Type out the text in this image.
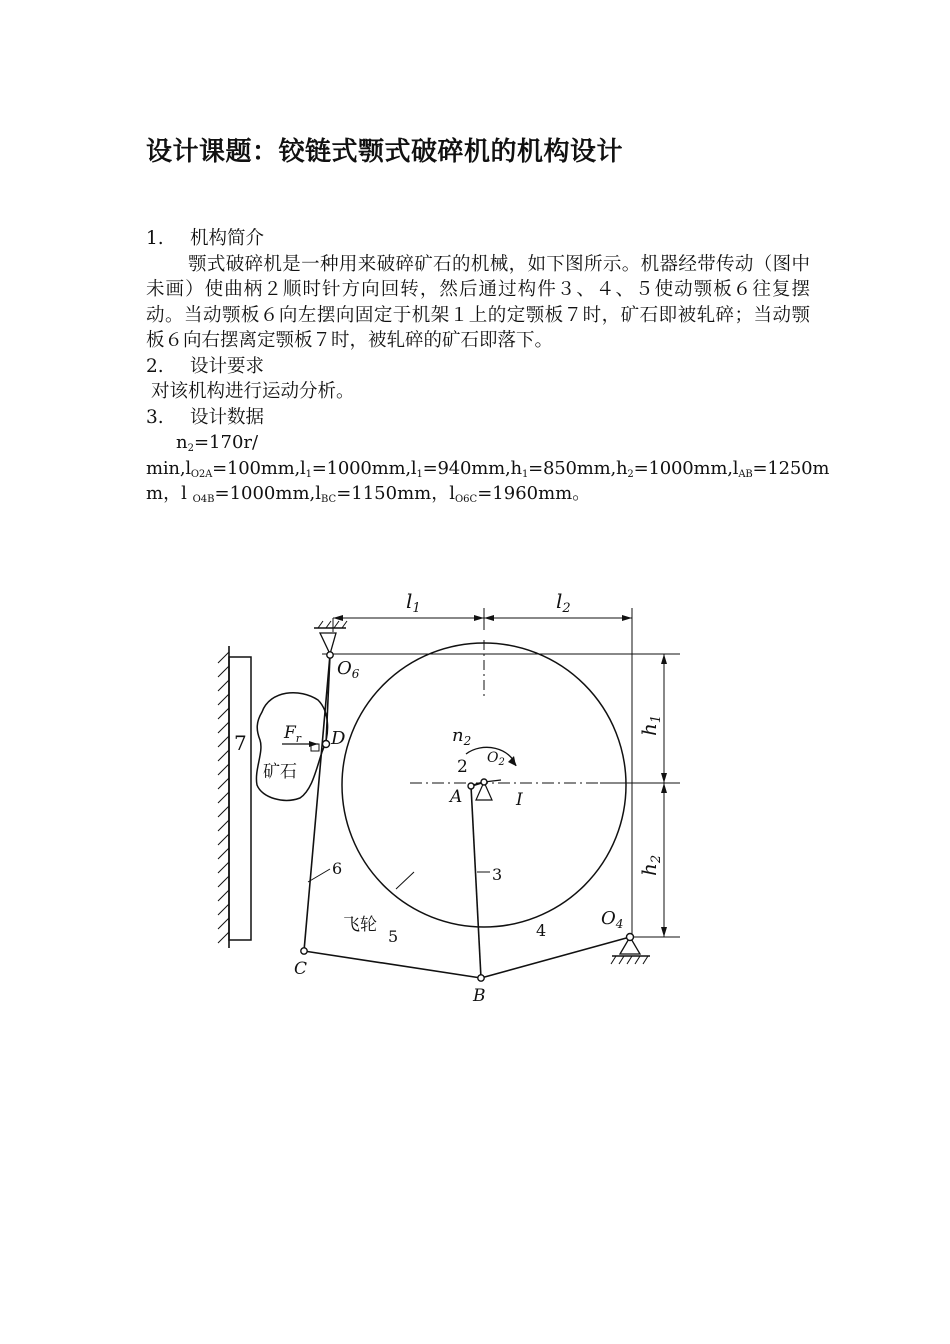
设计课题：铰链式颚式破碎机的机构设计
1. 机构简介
颚式破碎机是一种用来破碎矿石的机械，如下图所示。机器经带传动（图中未画）使曲柄２顺时针方向回转，然后通过构件３、４、５使动颚板６往复摆动。当动颚板６向左摆向固定于机架１上的定颚板７时，矿石即被轧碎；当动颚板６向右摆离定颚板７时，被轧碎的矿石即落下。
2. 设计要求
对该机构进行运动分析。
3. 设计数据
$n_2=170r/$
$\min,l_{O2A}=100mm,l_1=1000mm,l_1=940mm,h_1=850mm,h_2=1000mm,l_{AB}=1250m$
m，l $_{O4B}=1000mm,l_{BC}=1150mm$，$l_{O6C}=1960mm$。
$l_1$	$l_2$
$h_1$
$h_2$
$O_6$
$O_4$
$O_2$
$n_2$
$F_r$ D
A
B
C
I
2
3
4
5
6
7
矿石
飞轮
